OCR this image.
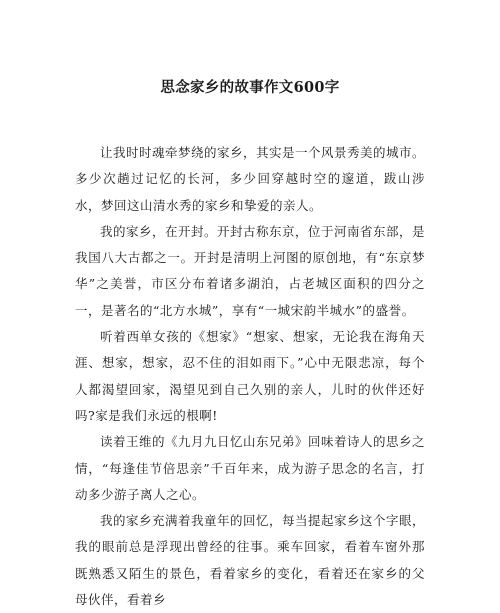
思念家乡的故事作文600字

让我时时魂牵梦绕的家乡，其实是一个风景秀美的城市。多少次趟过记忆的长河，多少回穿越时空的邃道，跋山涉水，梦回这山清水秀的家乡和挚爱的亲人。

我的家乡，在开封。开封古称东京，位于河南省东部，是我国八大古都之一。开封是清明上河图的原创地，有“东京梦华”之美誉，市区分布着诸多湖泊，占老城区面积的四分之一，是著名的“北方水城”，享有“一城宋韵半城水”的盛誉。

听着西单女孩的《想家》“想家、想家，无论我在海角天涯、想家，想家，忍不住的泪如雨下。”心中无限悲凉，每个人都渴望回家，渴望见到自己久别的亲人，儿时的伙伴还好吗?家是我们永远的根啊!

读着王维的《九月九日忆山东兄弟》回味着诗人的思乡之情，“每逢佳节倍思亲”千百年来，成为游子思念的名言，打动多少游子离人之心。

我的家乡充满着我童年的回忆，每当提起家乡这个字眼，我的眼前总是浮现出曾经的往事。乘车回家，看着车窗外那既熟悉又陌生的景色，看着家乡的变化，看着还在家乡的父母伙伴，看着乡
